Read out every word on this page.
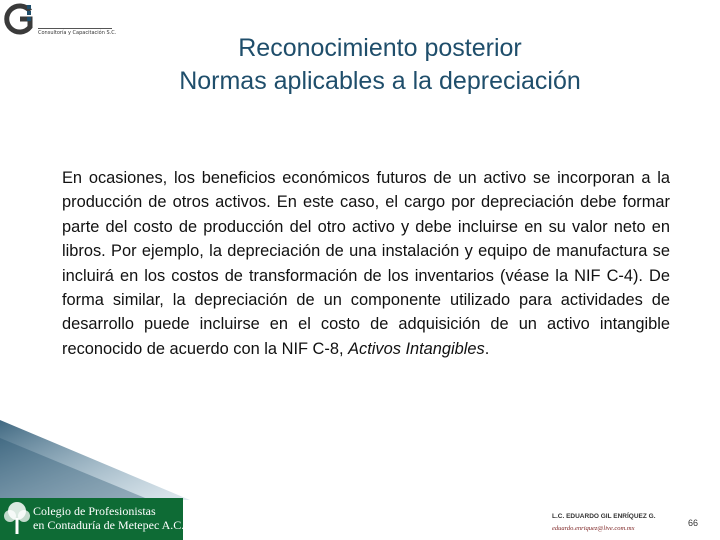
Consultoría y Capacitación S.C.
Reconocimiento posterior
Normas aplicables a la depreciación

En ocasiones, los beneficios económicos futuros de un activo se incorporan a la producción de otros activos. En este caso, el cargo por depreciación debe formar parte del costo de producción del otro activo y debe incluirse en su valor neto en libros. Por ejemplo, la depreciación de una instalación y equipo de manufactura se incluirá en los costos de transformación de los inventarios (véase la NIF C-4). De forma similar, la depreciación de un componente utilizado para actividades de desarrollo puede incluirse en el costo de adquisición de un activo intangible reconocido de acuerdo con la NIF C-8, Activos Intangibles.

Colegio de Profesionistas
en Contaduría de Metepec A.C.
L.C. EDUARDO GIL ENRÍQUEZ G.
eduardo.enriquez@live.com.mx
66
